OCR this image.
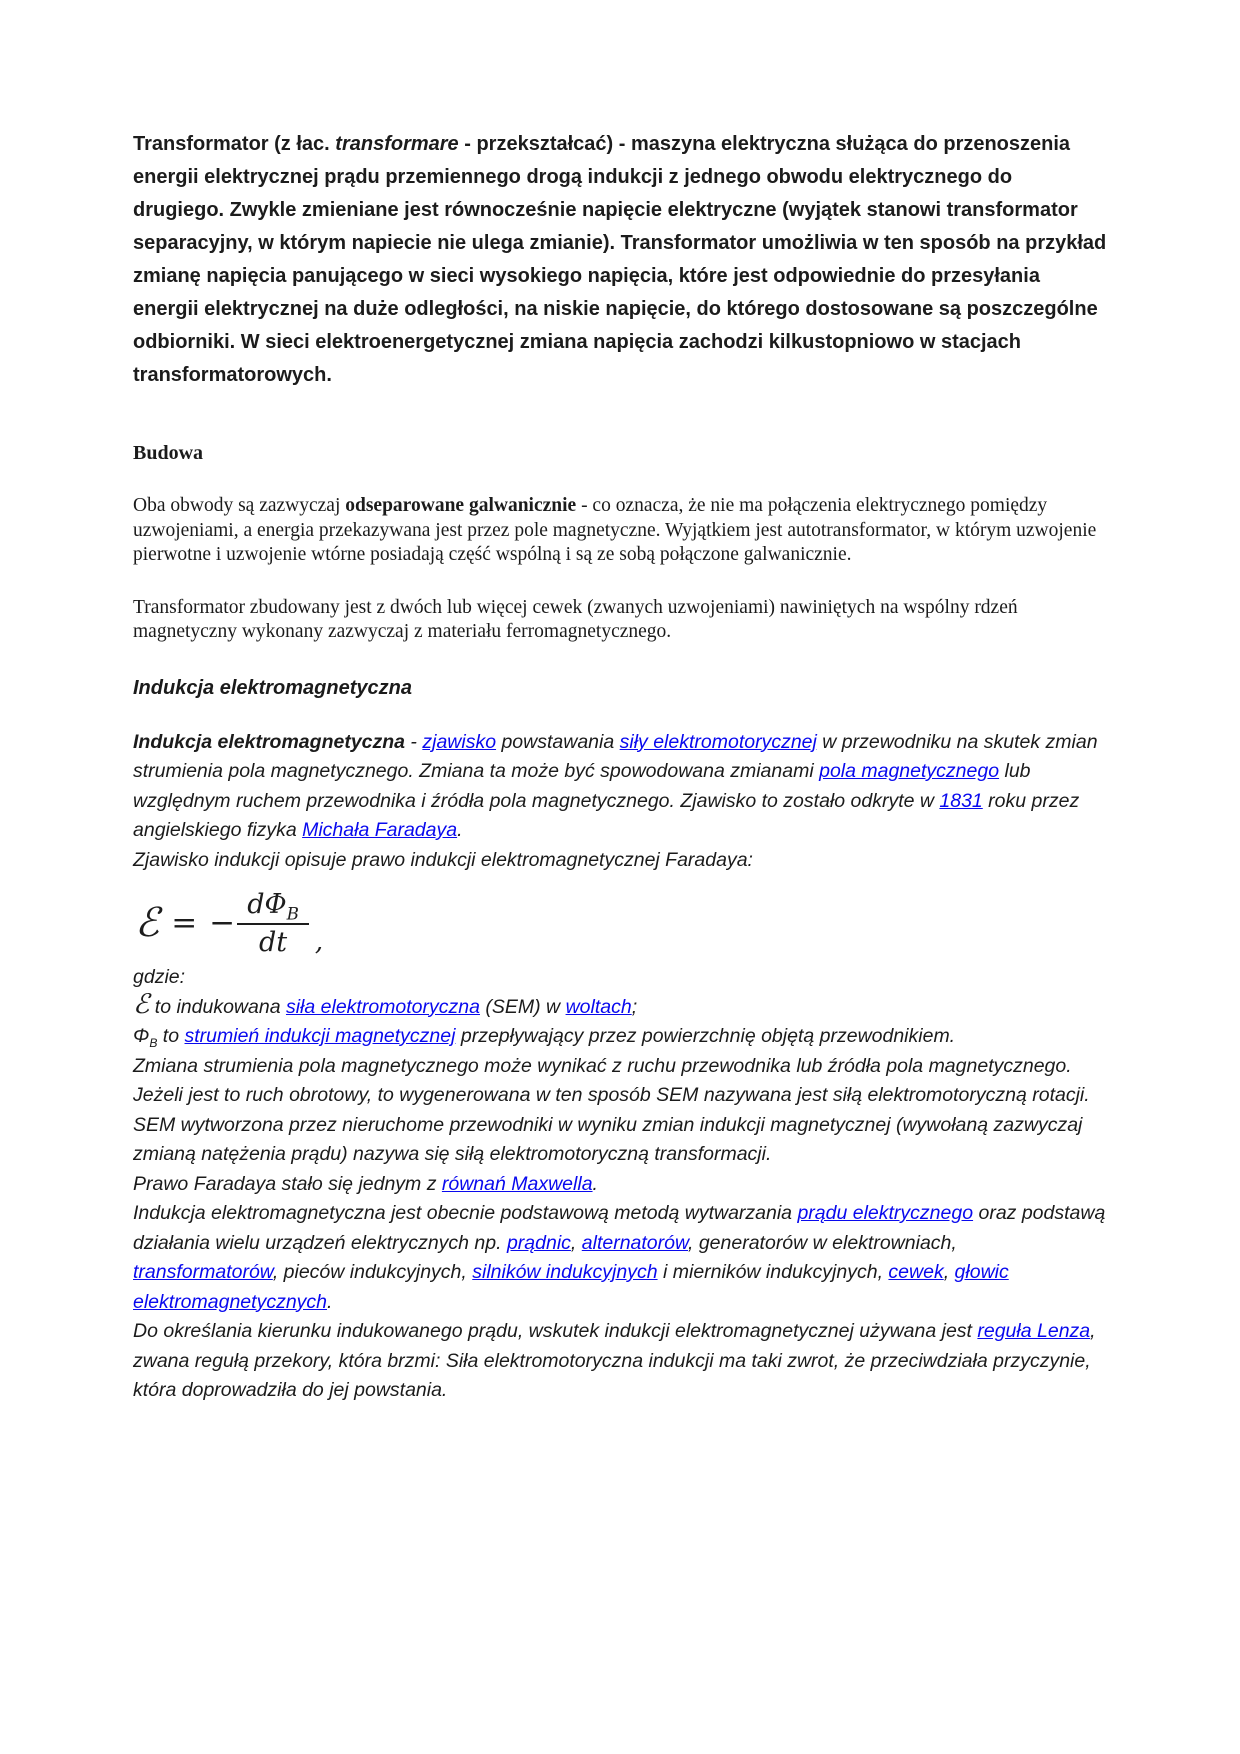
Transformator (z łac. transformare - przekształcać) - maszyna elektryczna służąca do przenoszenia energii elektrycznej prądu przemiennego drogą indukcji z jednego obwodu elektrycznego do drugiego. Zwykle zmieniane jest równocześnie napięcie elektryczne (wyjątek stanowi transformator separacyjny, w którym napiecie nie ulega zmianie). Transformator umożliwia w ten sposób na przykład zmianę napięcia panującego w sieci wysokiego napięcia, które jest odpowiednie do przesyłania energii elektrycznej na duże odległości, na niskie napięcie, do którego dostosowane są poszczególne odbiorniki. W sieci elektroenergetycznej zmiana napięcia zachodzi kilkustopniowo w stacjach transformatorowych.

Budowa

Oba obwody są zazwyczaj odseparowane galwanicznie - co oznacza, że nie ma połączenia elektrycznego pomiędzy uzwojeniami, a energia przekazywana jest przez pole magnetyczne. Wyjątkiem jest autotransformator, w którym uzwojenie pierwotne i uzwojenie wtórne posiadają część wspólną i są ze sobą połączone galwanicznie.

Transformator zbudowany jest z dwóch lub więcej cewek (zwanych uzwojeniami) nawiniętych na wspólny rdzeń magnetyczny wykonany zazwyczaj z materiału ferromagnetycznego.

Indukcja elektromagnetyczna

Indukcja elektromagnetyczna - zjawisko powstawania siły elektromotorycznej w przewodniku na skutek zmian strumienia pola magnetycznego. Zmiana ta może być spowodowana zmianami pola magnetycznego lub względnym ruchem przewodnika i źródła pola magnetycznego. Zjawisko to zostało odkryte w 1831 roku przez angielskiego fizyka Michała Faradaya.

Zjawisko indukcji opisuje prawo indukcji elektromagnetycznej Faradaya:

ℰ = − $\frac{d\Phi_B}{dt}$ ,

gdzie:

ℰ to indukowana siła elektromotoryczna (SEM) w woltach;

$\Phi_B$ to strumień indukcji magnetycznej przepływający przez powierzchnię objętą przewodnikiem.

Zmiana strumienia pola magnetycznego może wynikać z ruchu przewodnika lub źródła pola magnetycznego.

Jeżeli jest to ruch obrotowy, to wygenerowana w ten sposób SEM nazywana jest siłą elektromotoryczną rotacji.

SEM wytworzona przez nieruchome przewodniki w wyniku zmian indukcji magnetycznej (wywołaną zazwyczaj zmianą natężenia prądu) nazywa się siłą elektromotoryczną transformacji.

Prawo Faradaya stało się jednym z równań Maxwella.

Indukcja elektromagnetyczna jest obecnie podstawową metodą wytwarzania prądu elektrycznego oraz podstawą działania wielu urządzeń elektrycznych np. prądnic, alternatorów, generatorów w elektrowniach, transformatorów, pieców indukcyjnych, silników indukcyjnych i mierników indukcyjnych, cewek, głowic elektromagnetycznych.

Do określania kierunku indukowanego prądu, wskutek indukcji elektromagnetycznej używana jest reguła Lenza, zwana regułą przekory, która brzmi: Siła elektromotoryczna indukcji ma taki zwrot, że przeciwdziała przyczynie, która doprowadziła do jej powstania.
